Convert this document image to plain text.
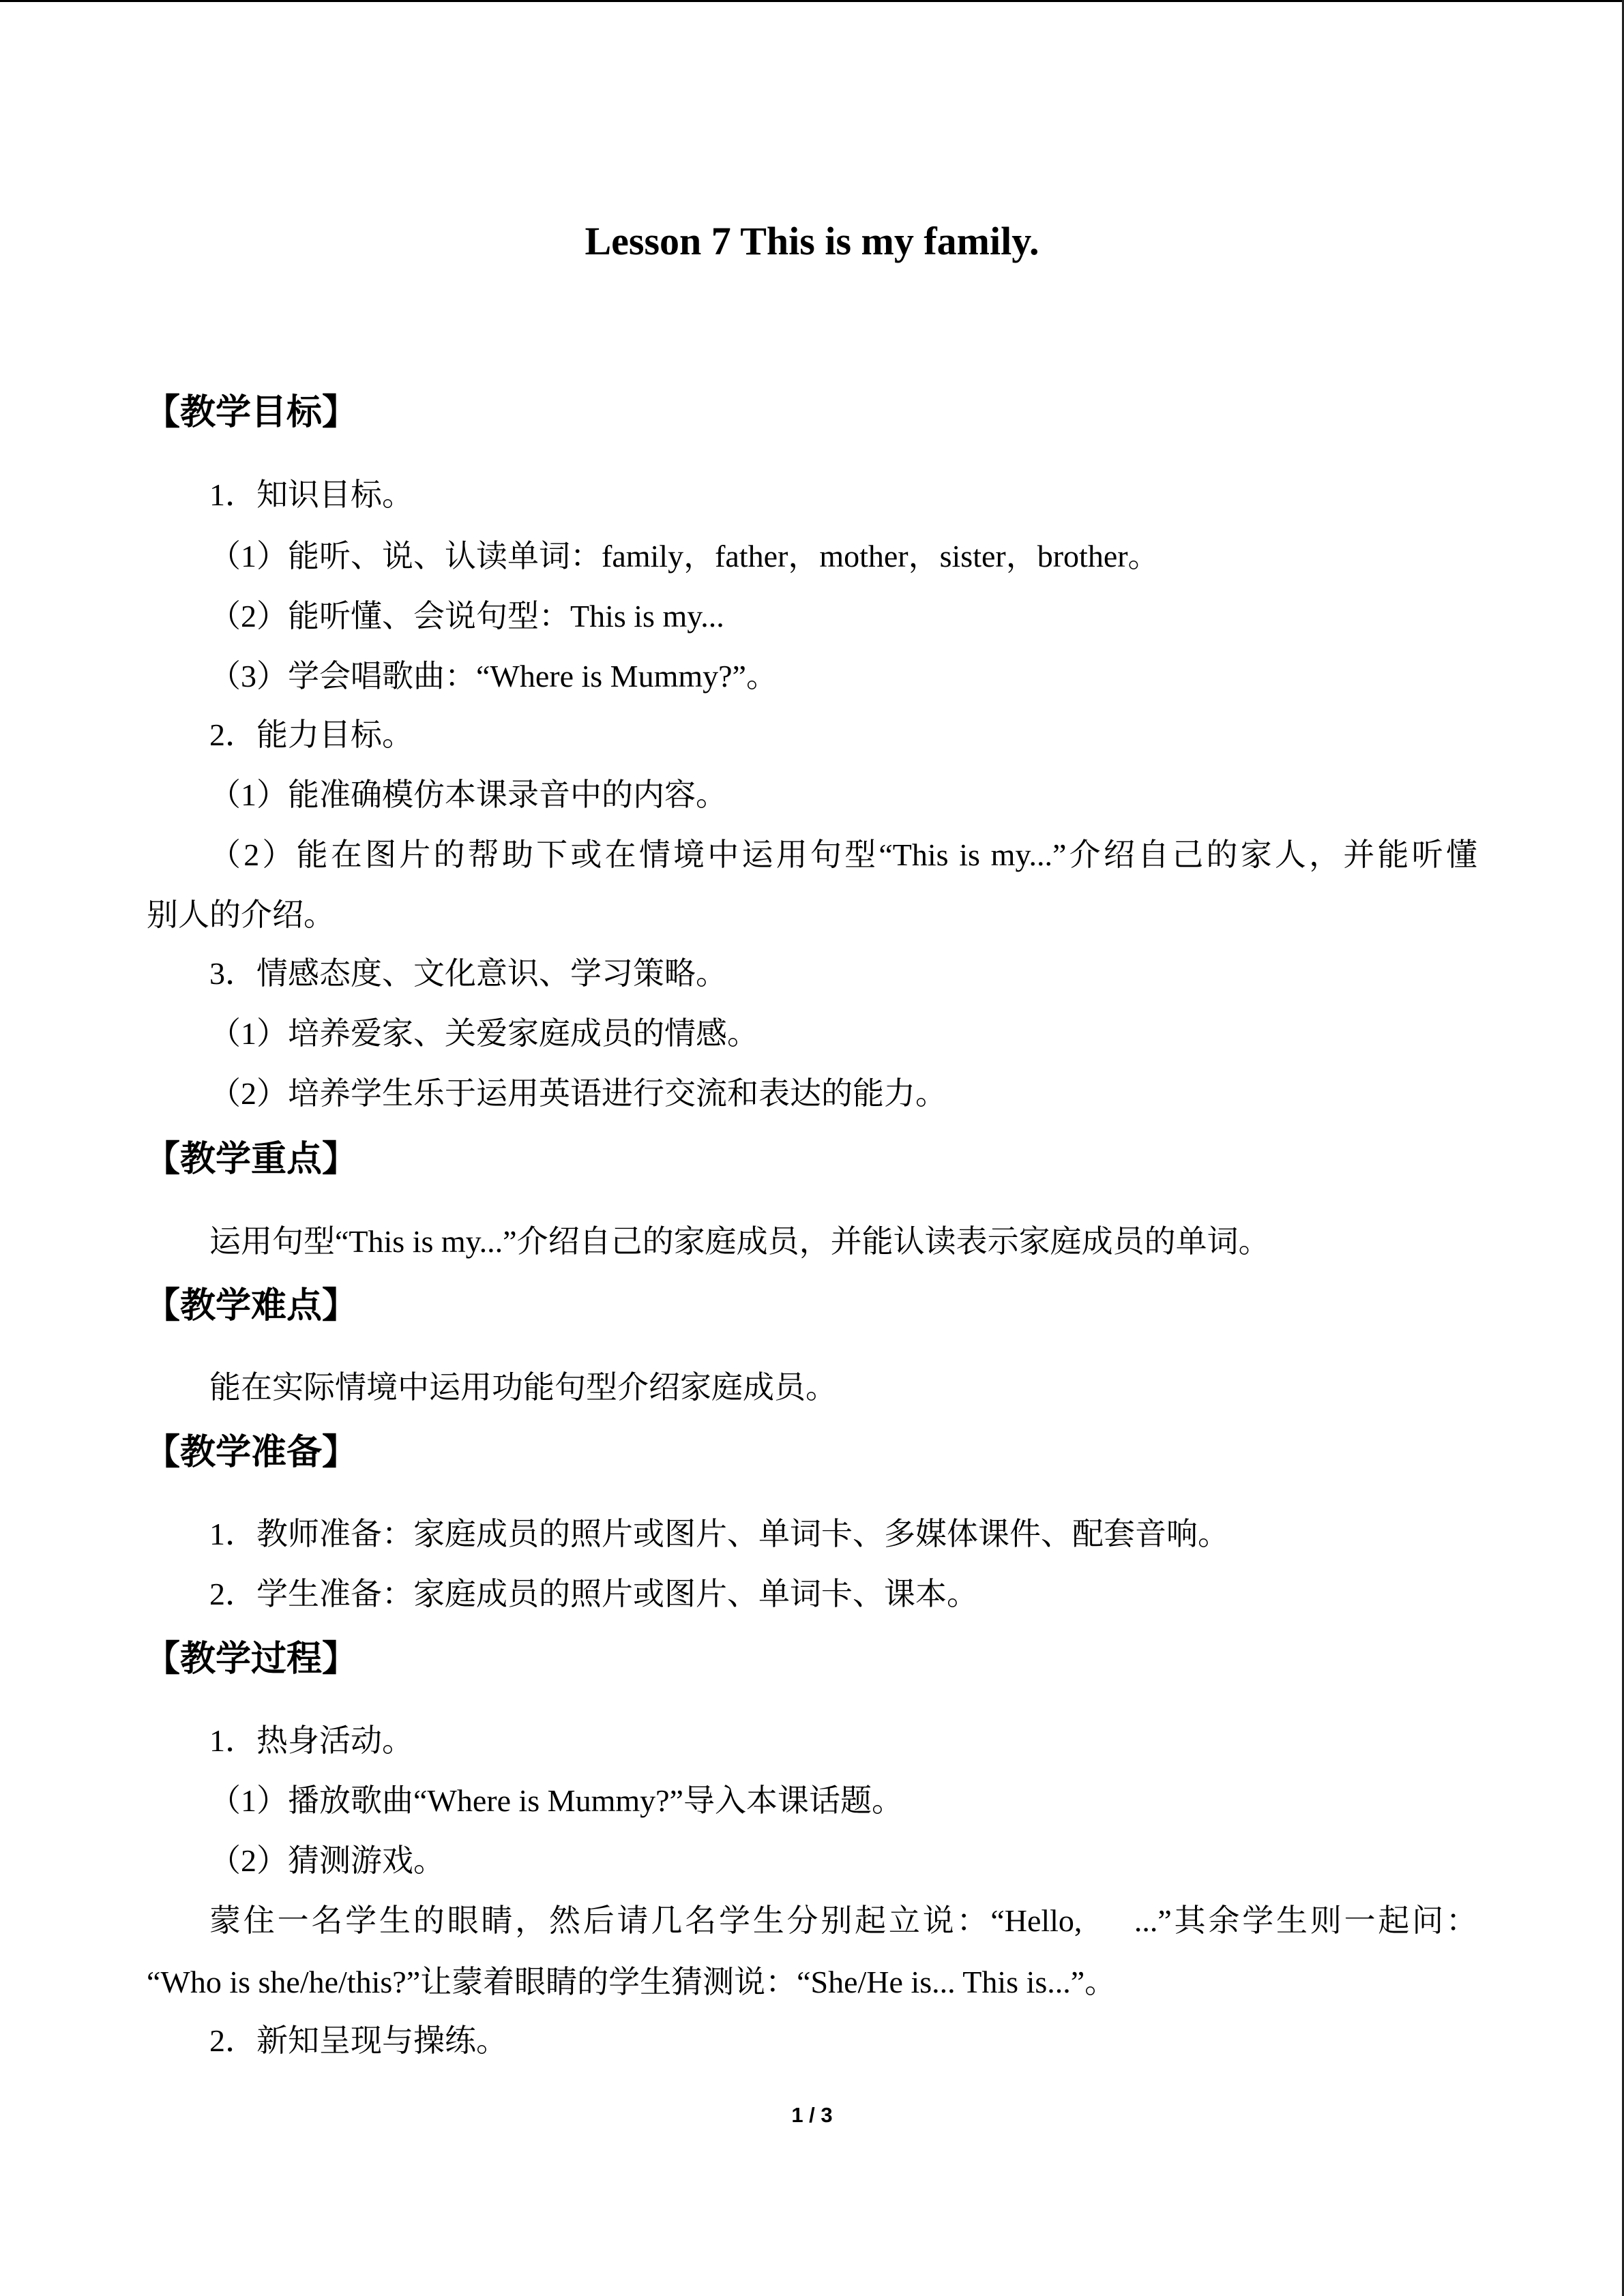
Lesson 7 This is my family.
【教学目标】
1．知识目标。
（1）能听、说、认读单词：family，father，mother，sister，brother。
（2）能听懂、会说句型：This is my...
（3）学会唱歌曲：“Where is Mummy?”。
2．能力目标。
（1）能准确模仿本课录音中的内容。
（2）能在图片的帮助下或在情境中运用句型“This is my...”介绍自己的家人，并能听懂
别人的介绍。
3．情感态度、文化意识、学习策略。
（1）培养爱家、关爱家庭成员的情感。
（2）培养学生乐于运用英语进行交流和表达的能力。
【教学重点】
运用句型“This is my...”介绍自己的家庭成员，并能认读表示家庭成员的单词。
【教学难点】
能在实际情境中运用功能句型介绍家庭成员。
【教学准备】
1．教师准备：家庭成员的照片或图片、单词卡、多媒体课件、配套音响。
2．学生准备：家庭成员的照片或图片、单词卡、课本。
【教学过程】
1．热身活动。
（1）播放歌曲“Where is Mummy?”导入本课话题。
（2）猜测游戏。
蒙住一名学生的眼睛，然后请几名学生分别起立说：“Hello,     ...”其余学生则一起问：
“Who is she/he/this?”让蒙着眼睛的学生猜测说：“She/He is... This is...”。
2．新知呈现与操练。
1 / 3
